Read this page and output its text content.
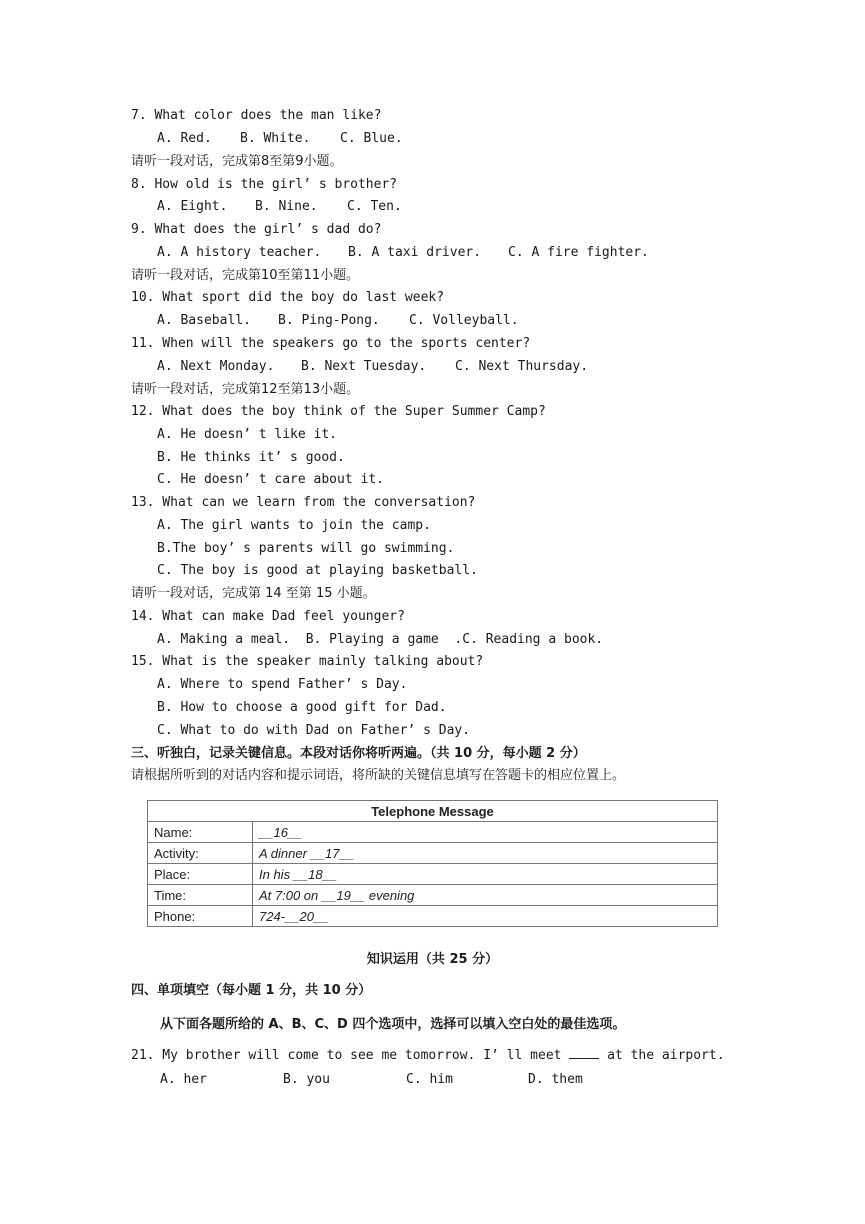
7. What color does the man like?
A. Red. B. White.	C. Blue.
请听一段对话，完成第8至第9小题。
8. How old is the girl’ s brother?
A. Eight. B. Nine.	C. Ten.
9. What does the girl’ s dad do?
A. A history teacher. B. A taxi driver.	C. A fire fighter.
请听一段对话，完成第10至第11小题。
10. What sport did the boy do last week?
A. Baseball. B. Ping-Pong.	C. Volleyball.
11. When will the speakers go to the sports center?
A. Next Monday. B. Next Tuesday.	C. Next Thursday.
请听一段对话，完成第12至第13小题。
12. What does the boy think of the Super Summer Camp?
A. He doesn’ t like it.
B. He thinks it’ s good.
C. He doesn’ t care about it.
13. What can we learn from the conversation?
A. The girl wants to join the camp.
B.The boy’ s parents will go swimming.
C. The boy is good at playing basketball.
请听一段对话，完成第 14 至第 15 小题。
14. What can make Dad feel younger?
A. Making a meal.  B. Playing a game  .C. Reading a book.
15. What is the speaker mainly talking about?
A. Where to spend Father’ s Day.
B. How to choose a good gift for Dad.
C. What to do with Dad on Father’ s Day.
三、听独白，记录关键信息。本段对话你将听两遍。（共 10 分，每小题 2 分）
请根据所听到的对话内容和提示词语，将所缺的关键信息填写在答题卡的相应位置上。
Telephone Message	
Name:	__16__
Activity:	A dinner __17__
Place:	In his __18__
Time:	At 7:00 on __19__ evening
Phone:	724-__20__
知识运用（共 25 分）
四、单项填空（每小题 1 分，共 10 分）
从下面各题所给的 A、B、C、D 四个选项中，选择可以填入空白处的最佳选项。
21. My brother will come to see me tomorrow. I’ ll meet	at the airport.
A. her	B. you	C. him	D. them
